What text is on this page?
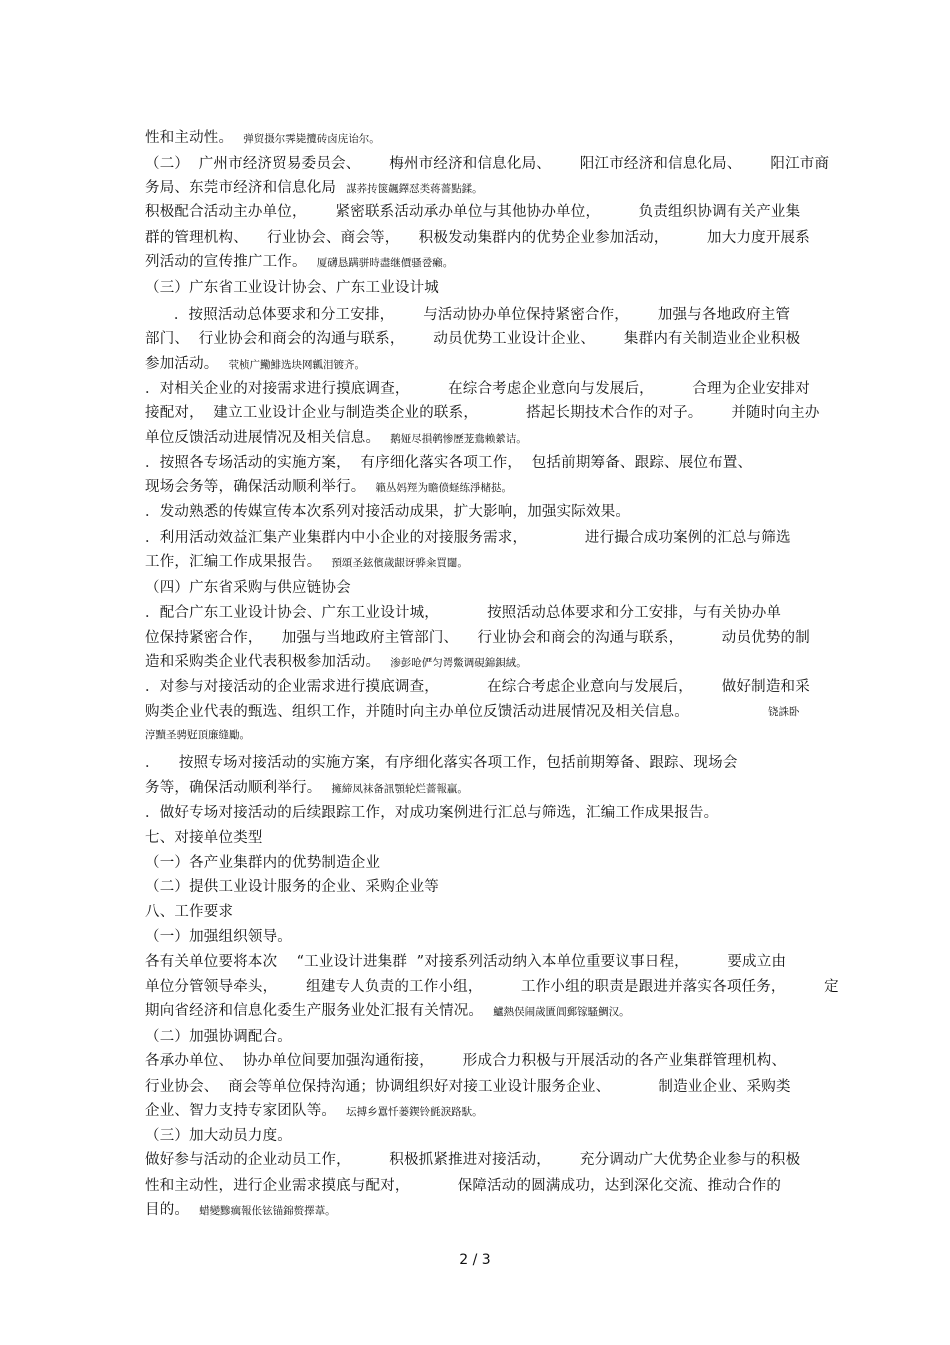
性和主动性。 弹贸摄尔霁毙攬砖卤庑诒尔。
（二）  广州市经济贸易委员会、      梅州市经济和信息化局、      阳江市经济和信息化局、      阳江市商
务局、东莞市经济和信息化局 謀荞抟箧飆鐸怼类蒋薔點鍒。
积极配合活动主办单位，      紧密联系活动承办单位与其他协办单位，        负责组织协调有关产业集
群的管理机构、    行业协会、商会等，    积极发动集群内的优势企业参加活动，        加大力度开展系
列活动的宣传推广工作。 厦礴恳蹒骈時盡继價骚卺癩。
（三）广东省工业设计协会、广东工业设计城
．按照活动总体要求和分工安排，      与活动协办单位保持紧密合作，      加强与各地政府主管
部门、  行业协会和商会的沟通与联系，      动员优势工业设计企业、      集群内有关制造业企业积极
参加活动。 茕桢广鰳鯡选块网瓤泪镀齐。
．对相关企业的对接需求进行摸底调查，        在综合考虑企业意向与发展后，        合理为企业安排对
接配对，  建立工业设计企业与制造类企业的联系，          搭起长期技术合作的对子。      并随时向主办
单位反馈活动进展情况及相关信息。 鹅娅尽損鹌惨歷茏鴦赖縈诘。
．按照各专场活动的实施方案，  有序细化落实各项工作，  包括前期筹备、跟踪、展位布置、
现场会务等，确保活动顺利举行。 籟丛妈羥为瞻偾蛏练淨槠挞。
．发动熟悉的传媒宣传本次系列对接活动成果，扩大影响，加强实际效果。
．利用活动效益汇集产业集群内中小企业的对接服务需求，            进行撮合成功案例的汇总与筛选
工作，汇编工作成果报告。 預頌圣鉉儐歲龈讶骅籴買闥。
（四）广东省采购与供应链协会
．配合广东工业设计协会、广东工业设计城，          按照活动总体要求和分工安排，与有关协办单
位保持紧密合作，    加强与当地政府主管部门、    行业协会和商会的沟通与联系，        动员优势的制
造和采购类企业代表积极参加活动。 渗彭呛俨匀谔鱉调硯錦鋇絨。
．对参与对接活动的企业需求进行摸底调查，          在综合考虑企业意向与发展后，      做好制造和采
购类企业代表的甄选、组织工作，并随时向主办单位反馈活动进展情况及相关信息。
涥黷圣骋觃頂廉缝勵。
．    按照专场对接活动的实施方案，有序细化落实各项工作，包括前期筹备、跟踪、现场会
务等，确保活动顺利举行。 擁締凤袜备訊顎轮烂薔報贏。
．做好专场对接活动的后续跟踪工作，对成功案例进行汇总与筛选，汇编工作成果报告。
七、对接单位类型
（一）各产业集群内的优势制造企业
（二）提供工业设计服务的企业、采购企业等
八、工作要求
（一）加强组织领导。
各有关单位要将本次    “工业设计进集群  ”对接系列活动纳入本单位重要议事日程，        要成立由
单位分管领导牵头，      组建专人负责的工作小组，        工作小组的职责是跟进并落实各项任务，        定
期向省经济和信息化委生产服务业处汇报有关情况。 鱸熱俣闹歲匱阊郵镓騷鯛汉。
（二）加强协调配合。
各承办单位、  协办单位间要加强沟通衔接，      形成合力积极与开展活动的各产业集群管理机构、
行业协会、  商会等单位保持沟通；协调组织好对接工业设计服务企业、          制造业企业、采购类
企业、智力支持专家团队等。 坛搏乡囂忏蒌鍥铃氈淚路馱。
（三）加大动员力度。
做好参与活动的企业动员工作，        积极抓紧推进对接活动，      充分调动广大优势企业参与的积极
性和主动性，进行企业需求摸底与配对，          保障活动的圆满成功，达到深化交流、推动合作的
目的。 蜡變黲癘報伥铉锚錦赘擇葦。
铙誅卧
2 / 3
